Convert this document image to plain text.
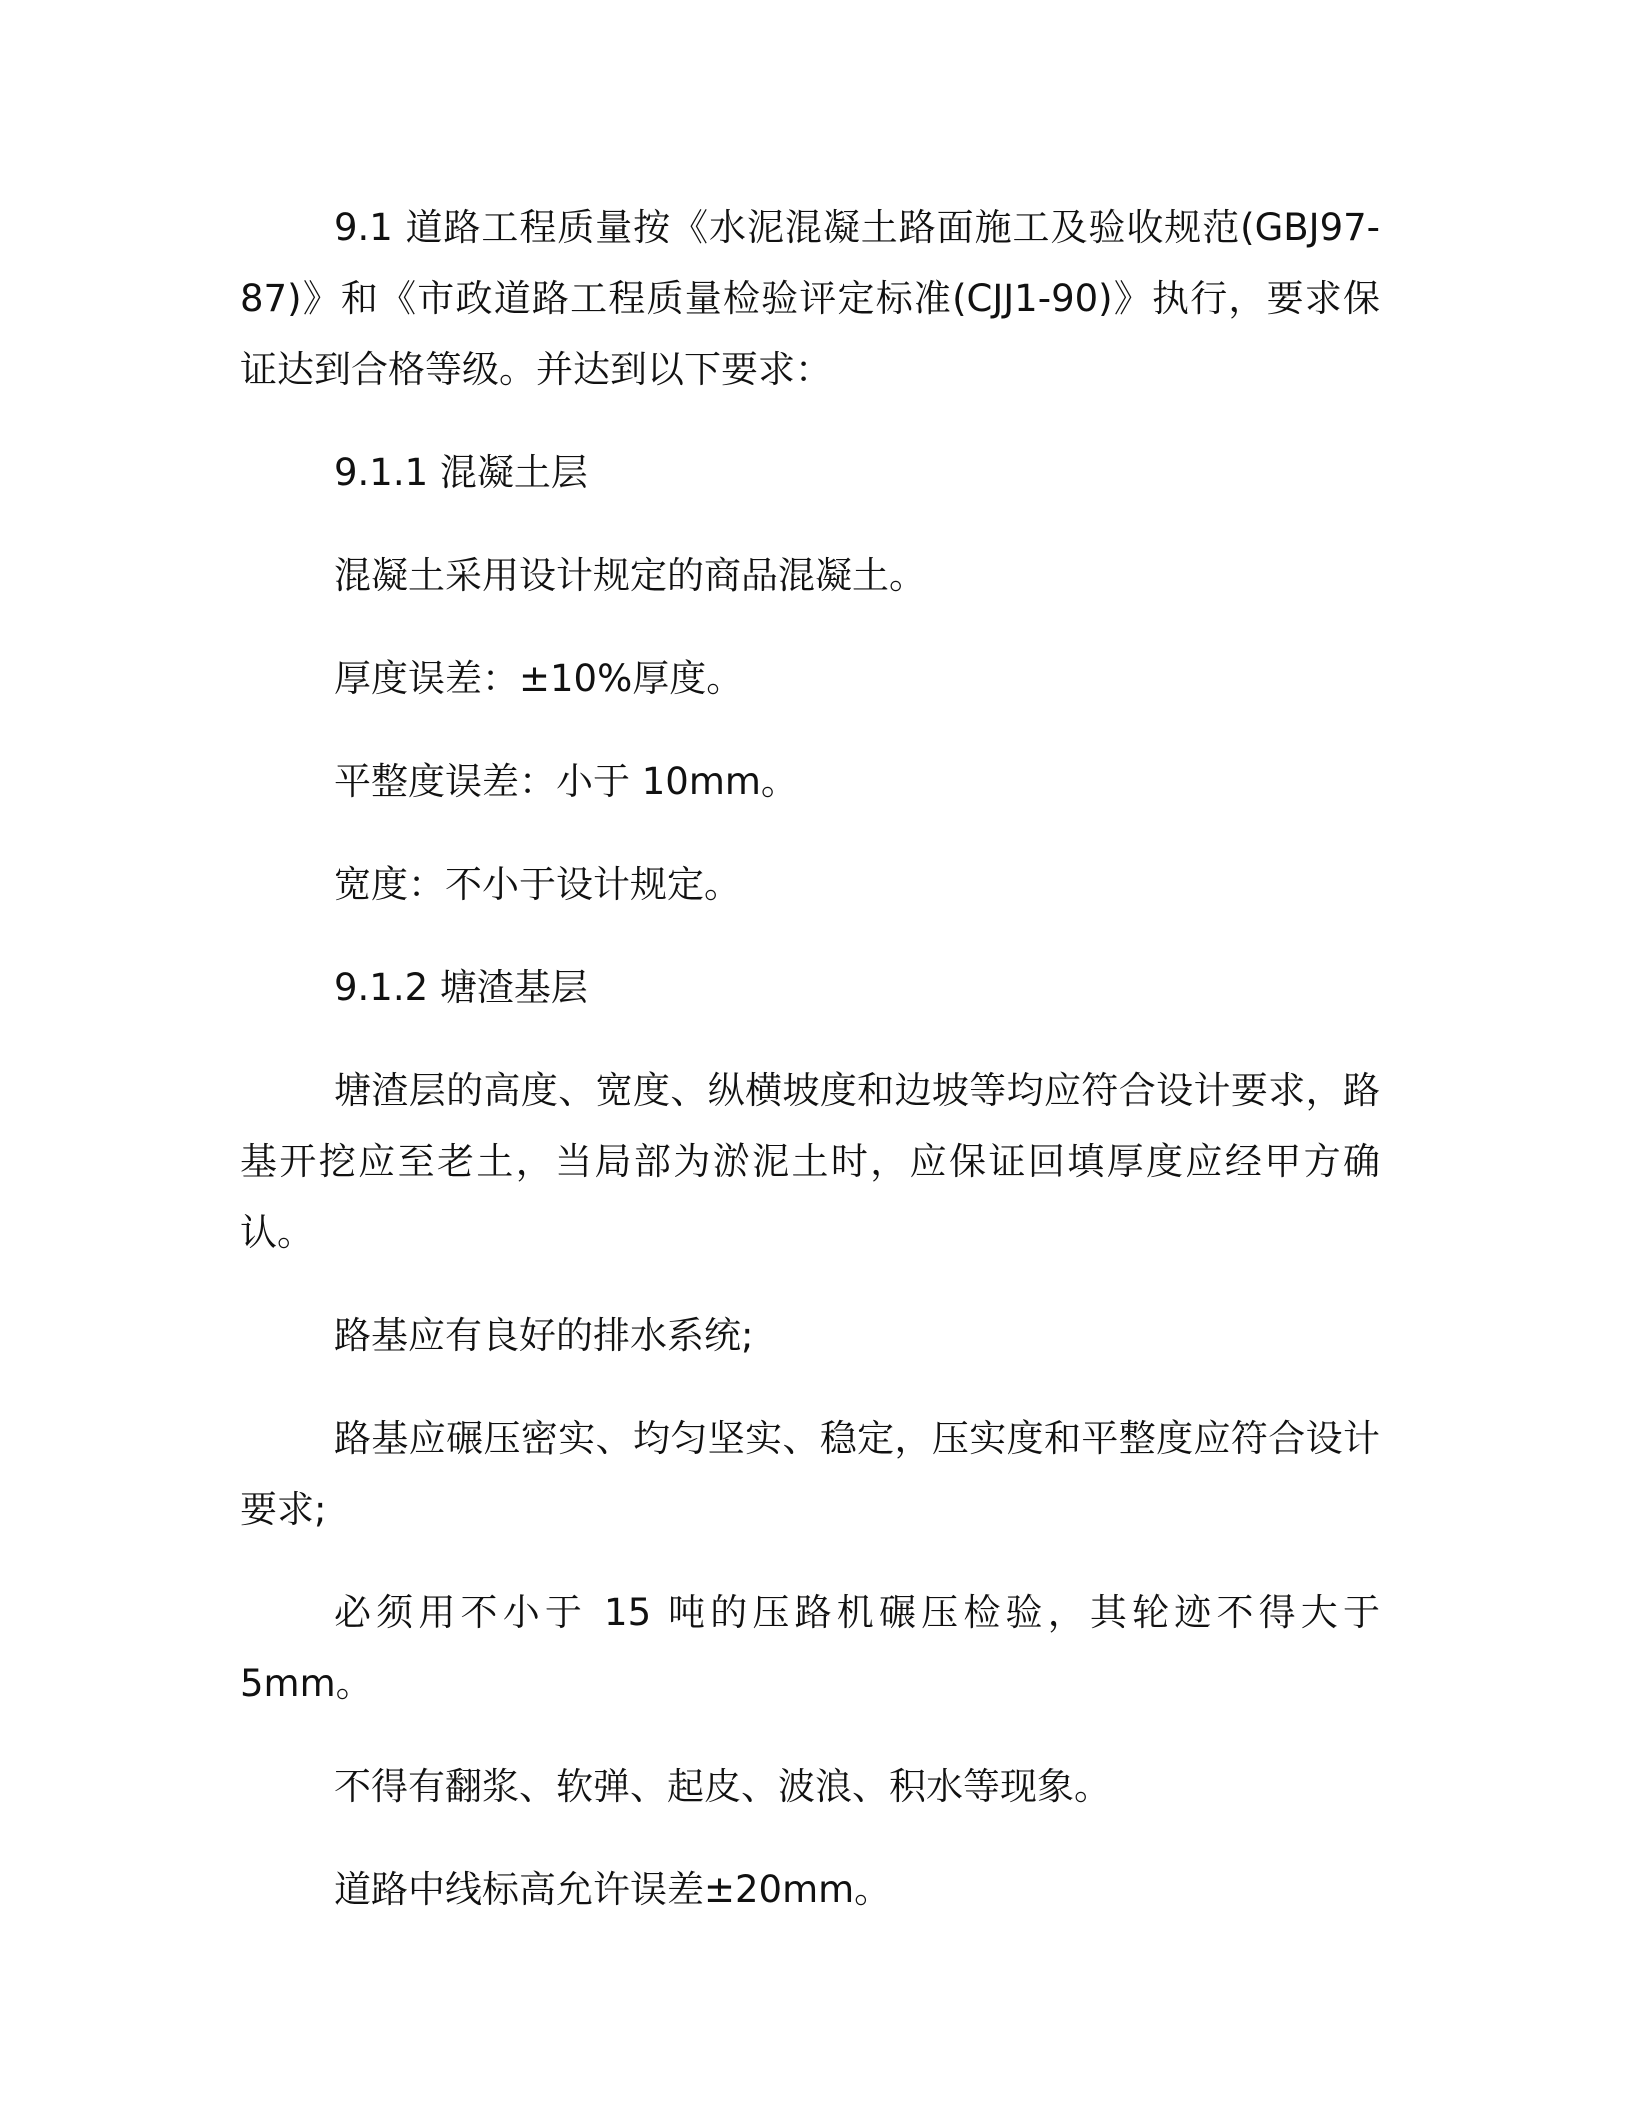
9.1 道路工程质量按《水泥混凝土路面施工及验收规范(GBJ97-87)》和《市政道路工程质量检验评定标准(CJJ1-90)》执行，要求保证达到合格等级。并达到以下要求：

9.1.1 混凝土层

混凝土采用设计规定的商品混凝土。

厚度误差：±10%厚度。

平整度误差：小于 10mm。

宽度：不小于设计规定。

9.1.2 塘渣基层

塘渣层的高度、宽度、纵横坡度和边坡等均应符合设计要求，路基开挖应至老土，当局部为淤泥土时，应保证回填厚度应经甲方确认。

路基应有良好的排水系统;

路基应碾压密实、均匀坚实、稳定，压实度和平整度应符合设计要求;

必须用不小于 15 吨的压路机碾压检验，其轮迹不得大于 5mm。

不得有翻浆、软弹、起皮、波浪、积水等现象。

道路中线标高允许误差±20mm。
